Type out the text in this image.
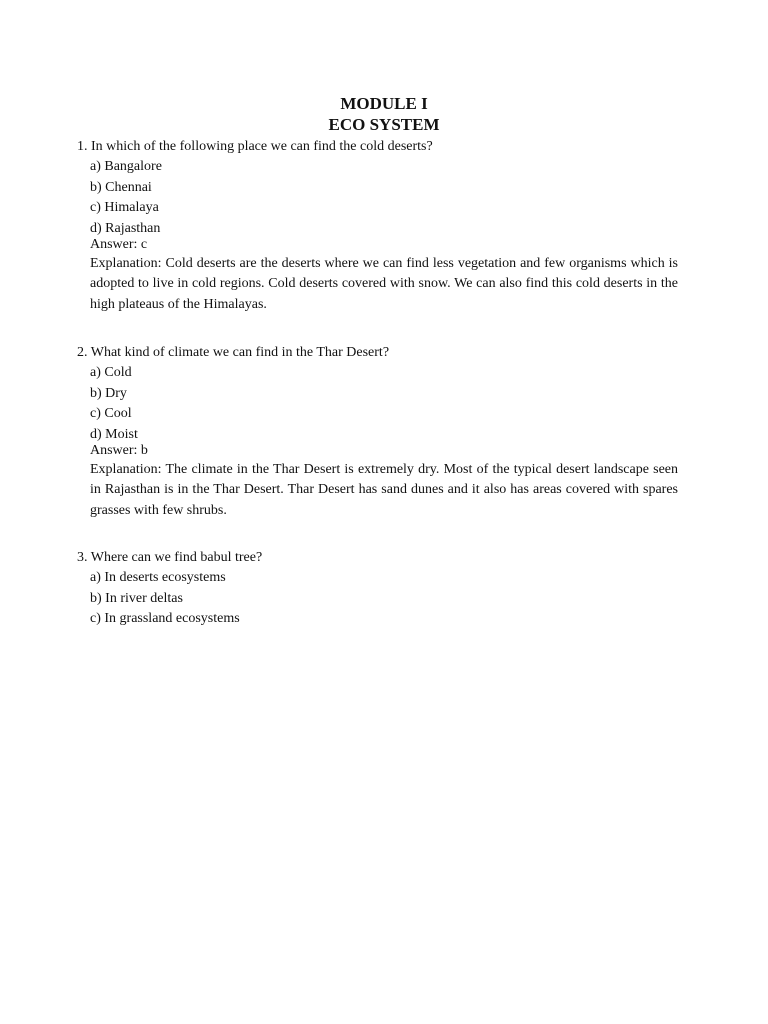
MODULE I
ECO SYSTEM

1. In which of the following place we can find the cold deserts?

a) Bangalore
b) Chennai
c) Himalaya
d) Rajasthan

Answer: c

Explanation: Cold deserts are the deserts where we can find less vegetation and few organisms which is adopted to live in cold regions. Cold deserts covered with snow. We can also find this cold deserts in the high plateaus of the Himalayas.

2. What kind of climate we can find in the Thar Desert?

a) Cold
b) Dry
c) Cool
d) Moist

Answer: b

Explanation: The climate in the Thar Desert is extremely dry. Most of the typical desert landscape seen in Rajasthan is in the Thar Desert. Thar Desert has sand dunes and it also has areas covered with spares grasses with few shrubs.

3. Where can we find babul tree?

a) In deserts ecosystems
b) In river deltas
c) In grassland ecosystems
